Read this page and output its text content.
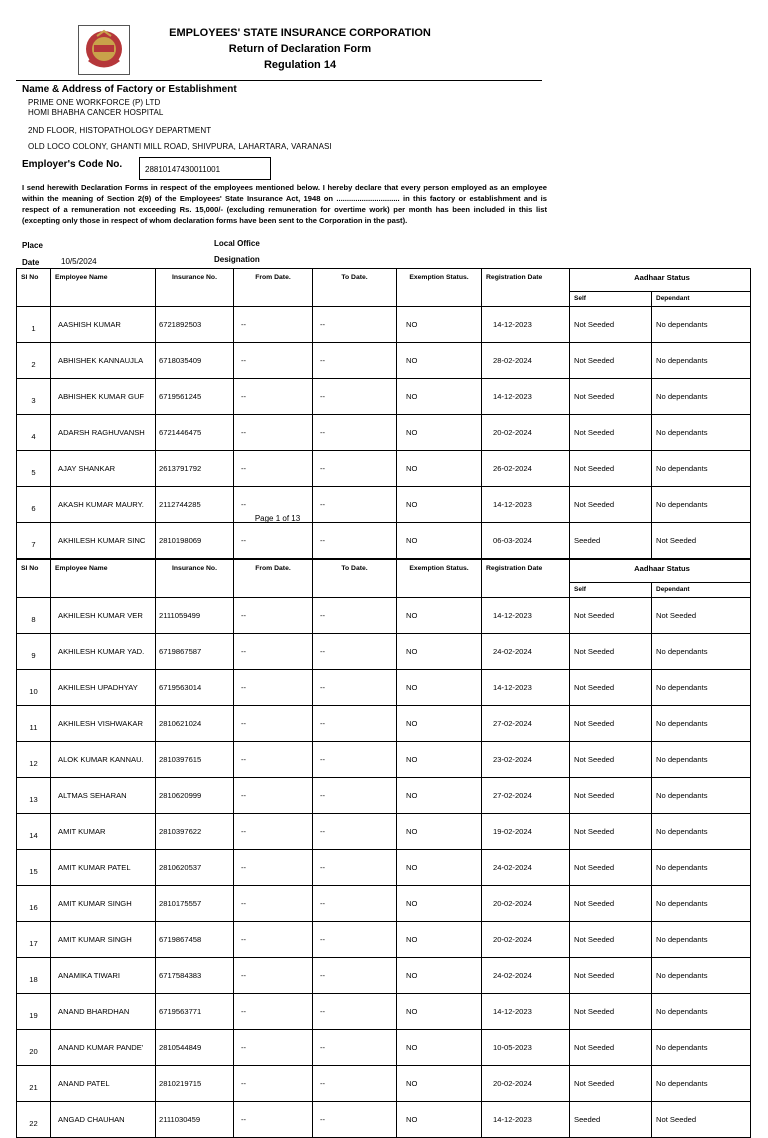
EMPLOYEES' STATE INSURANCE CORPORATION
Return of Declaration Form
Regulation 14
Name & Address of Factory or Establishment
PRIME ONE WORKFORCE (P) LTD
HOMI BHABHA CANCER HOSPITAL
2ND FLOOR, HISTOPATHOLOGY DEPARTMENT
OLD LOCO COLONY, GHANTI MILL ROAD, SHIVPURA, LAHARTARA, VARANASI
Employer's Code No.	28810147430011001
I send herewith Declaration Forms in respect of the employees mentioned below. I hereby declare that every person employed as an employee within the meaning of Section 2(9) of the Employees' State Insurance Act, 1948 on .............................. in this factory or establishment and is respect of a remuneration not exceeding Rs. 15,000/- (excluding remuneration for overtime work) per month has been included in this list (excepting only those in respect of whom declaration forms have been sent to the Corporation in the past).
Place	Local Office
Date	10/5/2024	Designation
Sl No	Employee Name	Insurance No.	From Date.	To Date.	Exemption Status.	Registration Date	Aadhaar Status	
							Self	Dependant
1	AASHISH KUMAR	6721892503	--	--	NO	14-12-2023	Not Seeded	No dependants
2	ABHISHEK KANNAUJLA	6718035409	--	--	NO	28-02-2024	Not Seeded	No dependants
3	ABHISHEK KUMAR GUF	6719561245	--	--	NO	14-12-2023	Not Seeded	No dependants
4	ADARSH RAGHUVANSH	6721446475	--	--	NO	20-02-2024	Not Seeded	No dependants
5	AJAY SHANKAR	2613791792	--	--	NO	26-02-2024	Not Seeded	No dependants
6	AKASH KUMAR MAURY.	2112744285	--	--	NO	14-12-2023	Not Seeded	No dependants
7	AKHILESH KUMAR SINC	2810198069	--	--	NO	06-03-2024	Seeded	Not Seeded
Page 1 of 13
Sl No	Employee Name	Insurance No.	From Date.	To Date.	Exemption Status.	Registration Date	Aadhaar Status	
							Self	Dependant
8	AKHILESH KUMAR VER	2111059499	--	--	NO	14-12-2023	Not Seeded	Not Seeded
9	AKHILESH KUMAR YAD.	6719867587	--	--	NO	24-02-2024	Not Seeded	No dependants
10	AKHILESH UPADHYAY	6719563014	--	--	NO	14-12-2023	Not Seeded	No dependants
11	AKHILESH VISHWAKAR	2810621024	--	--	NO	27-02-2024	Not Seeded	No dependants
12	ALOK KUMAR KANNAU.	2810397615	--	--	NO	23-02-2024	Not Seeded	No dependants
13	ALTMAS SEHARAN	2810620999	--	--	NO	27-02-2024	Not Seeded	No dependants
14	AMIT KUMAR	2810397622	--	--	NO	19-02-2024	Not Seeded	No dependants
15	AMIT KUMAR PATEL	2810620537	--	--	NO	24-02-2024	Not Seeded	No dependants
16	AMIT KUMAR SINGH	2810175557	--	--	NO	20-02-2024	Not Seeded	No dependants
17	AMIT KUMAR SINGH	6719867458	--	--	NO	20-02-2024	Not Seeded	No dependants
18	ANAMIKA TIWARI	6717584383	--	--	NO	24-02-2024	Not Seeded	No dependants
19	ANAND BHARDHAN	6719563771	--	--	NO	14-12-2023	Not Seeded	No dependants
20	ANAND KUMAR PANDE'	2810544849	--	--	NO	10-05-2023	Not Seeded	No dependants
21	ANAND PATEL	2810219715	--	--	NO	20-02-2024	Not Seeded	No dependants
22	ANGAD CHAUHAN	2111030459	--	--	NO	14-12-2023	Seeded	Not Seeded
